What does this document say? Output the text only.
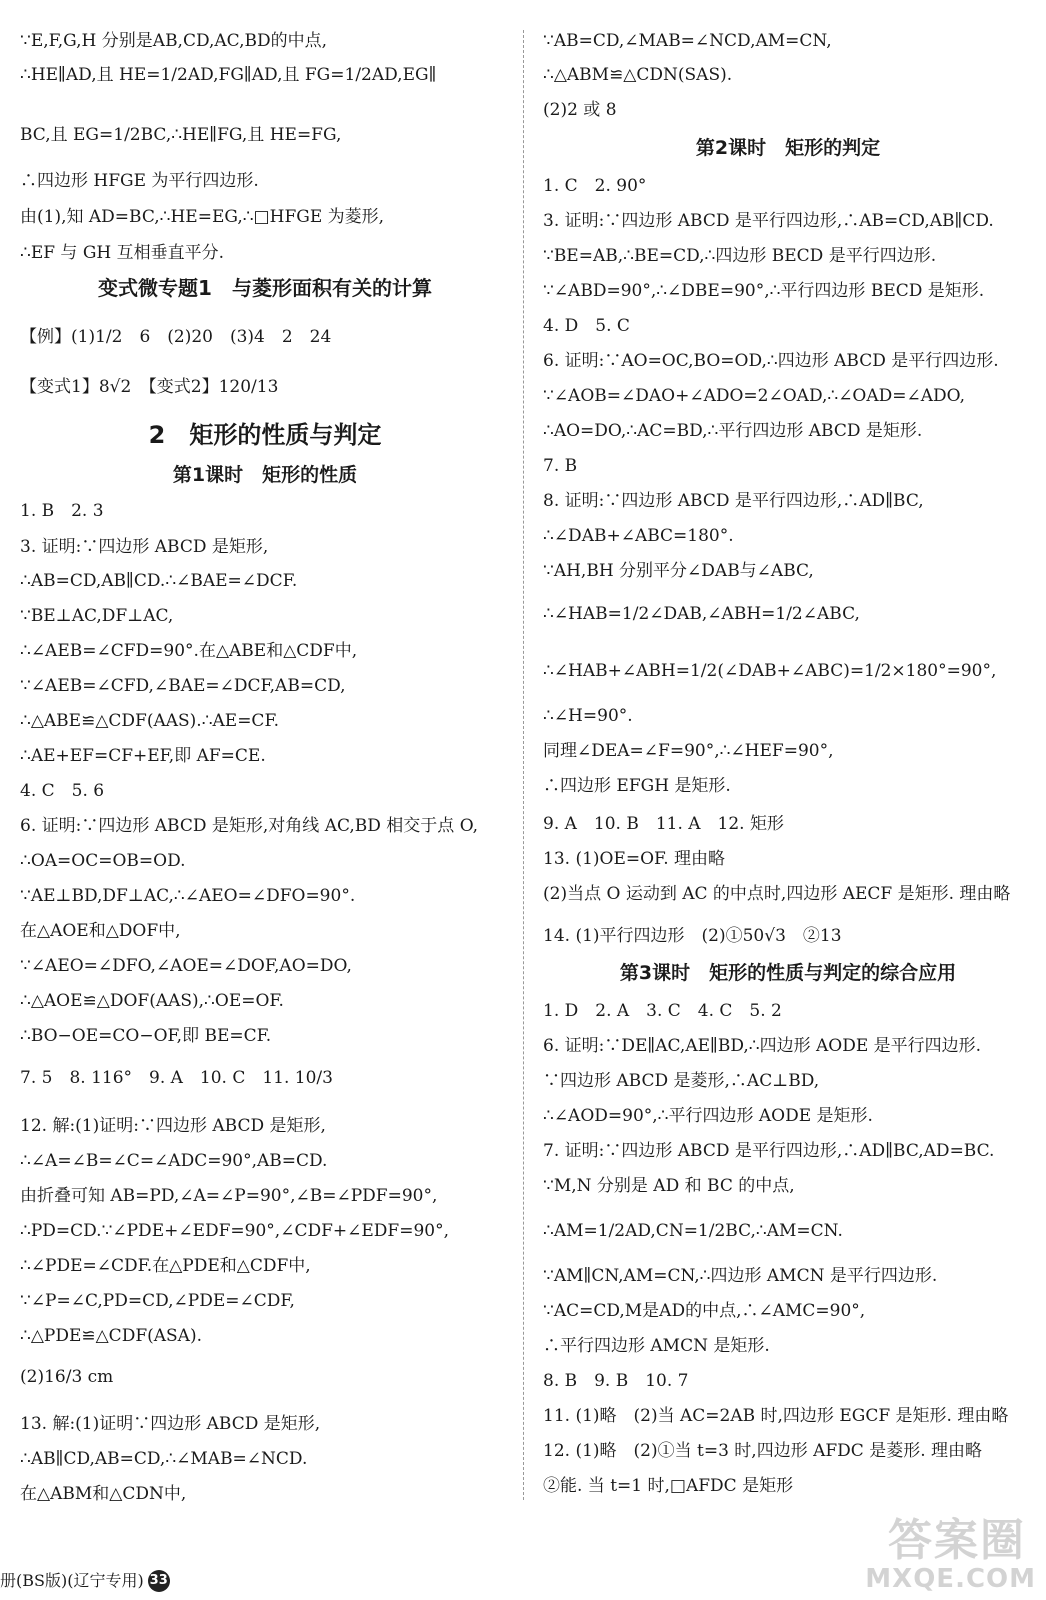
∵E,F,G,H 分别是AB,CD,AC,BD的中点,
∴HE∥AD,且 HE=1/2AD,FG∥AD,且 FG=1/2AD,EG∥
BC,且 EG=1/2BC,∴HE∥FG,且 HE=FG,
∴四边形 HFGE 为平行四边形.
由(1),知 AD=BC,∴HE=EG,∴□HFGE 为菱形,
∴EF 与 GH 互相垂直平分.
变式微专题1　与菱形面积有关的计算
【例】(1)1/2　6　(2)20　(3)4　2　24
【变式1】8√2　【变式2】120/13
2　矩形的性质与判定
第1课时　矩形的性质
1. B　2. 3
3. 证明:∵四边形 ABCD 是矩形,
∴AB=CD,AB∥CD.∴∠BAE=∠DCF.
∵BE⊥AC,DF⊥AC,
∴∠AEB=∠CFD=90°.在△ABE和△CDF中,
∵∠AEB=∠CFD,∠BAE=∠DCF,AB=CD,
∴△ABE≌△CDF(AAS).∴AE=CF.
∴AE+EF=CF+EF,即 AF=CE.
4. C　5. 6
6. 证明:∵四边形 ABCD 是矩形,对角线 AC,BD 相交于点 O,
∴OA=OC=OB=OD.
∵AE⊥BD,DF⊥AC,∴∠AEO=∠DFO=90°.
在△AOE和△DOF中,
∵∠AEO=∠DFO,∠AOE=∠DOF,AO=DO,
∴△AOE≌△DOF(AAS),∴OE=OF.
∴BO−OE=CO−OF,即 BE=CF.
7. 5　8. 116°　9. A　10. C　11. 10/3
12. 解:(1)证明:∵四边形 ABCD 是矩形,
∴∠A=∠B=∠C=∠ADC=90°,AB=CD.
由折叠可知 AB=PD,∠A=∠P=90°,∠B=∠PDF=90°,
∴PD=CD.∵∠PDE+∠EDF=90°,∠CDF+∠EDF=90°,
∴∠PDE=∠CDF.在△PDE和△CDF中,
∵∠P=∠C,PD=CD,∠PDE=∠CDF,
∴△PDE≌△CDF(ASA).
(2)16/3 cm
13. 解:(1)证明∵四边形 ABCD 是矩形,
∴AB∥CD,AB=CD,∴∠MAB=∠NCD.
在△ABM和△CDN中,
∵AB=CD,∠MAB=∠NCD,AM=CN,
∴△ABM≌△CDN(SAS).
(2)2 或 8
第2课时　矩形的判定
1. C　2. 90°
3. 证明:∵四边形 ABCD 是平行四边形,∴AB=CD,AB∥CD.
∵BE=AB,∴BE=CD,∴四边形 BECD 是平行四边形.
∵∠ABD=90°,∴∠DBE=90°,∴平行四边形 BECD 是矩形.
4. D　5. C
6. 证明:∵AO=OC,BO=OD,∴四边形 ABCD 是平行四边形.
∵∠AOB=∠DAO+∠ADO=2∠OAD,∴∠OAD=∠ADO,
∴AO=DO,∴AC=BD,∴平行四边形 ABCD 是矩形.
7. B
8. 证明:∵四边形 ABCD 是平行四边形,∴AD∥BC,
∴∠DAB+∠ABC=180°.
∵AH,BH 分别平分∠DAB与∠ABC,
∴∠HAB=1/2∠DAB,∠ABH=1/2∠ABC,
∴∠HAB+∠ABH=1/2(∠DAB+∠ABC)=1/2×180°=90°,
∴∠H=90°.
同理∠DEA=∠F=90°,∴∠HEF=90°,
∴四边形 EFGH 是矩形.
9. A　10. B　11. A　12. 矩形
13. (1)OE=OF. 理由略
(2)当点 O 运动到 AC 的中点时,四边形 AECF 是矩形. 理由略
14. (1)平行四边形　(2)①50√3　②13
第3课时　矩形的性质与判定的综合应用
1. D　2. A　3. C　4. C　5. 2
6. 证明:∵DE∥AC,AE∥BD,∴四边形 AODE 是平行四边形.
∵四边形 ABCD 是菱形,∴AC⊥BD,
∴∠AOD=90°,∴平行四边形 AODE 是矩形.
7. 证明:∵四边形 ABCD 是平行四边形,∴AD∥BC,AD=BC.
∵M,N 分别是 AD 和 BC 的中点,
∴AM=1/2AD,CN=1/2BC,∴AM=CN.
∵AM∥CN,AM=CN,∴四边形 AMCN 是平行四边形.
∵AC=CD,M是AD的中点,∴∠AMC=90°,
∴平行四边形 AMCN 是矩形.
8. B　9. B　10. 7
11. (1)略　(2)当 AC=2AB 时,四边形 EGCF 是矩形. 理由略
12. (1)略　(2)①当 t=3 时,四边形 AFDC 是菱形. 理由略
②能. 当 t=1 时,□AFDC 是矩形
册(BS版)(辽宁专用) 33
答案圈
MXQE.COM
